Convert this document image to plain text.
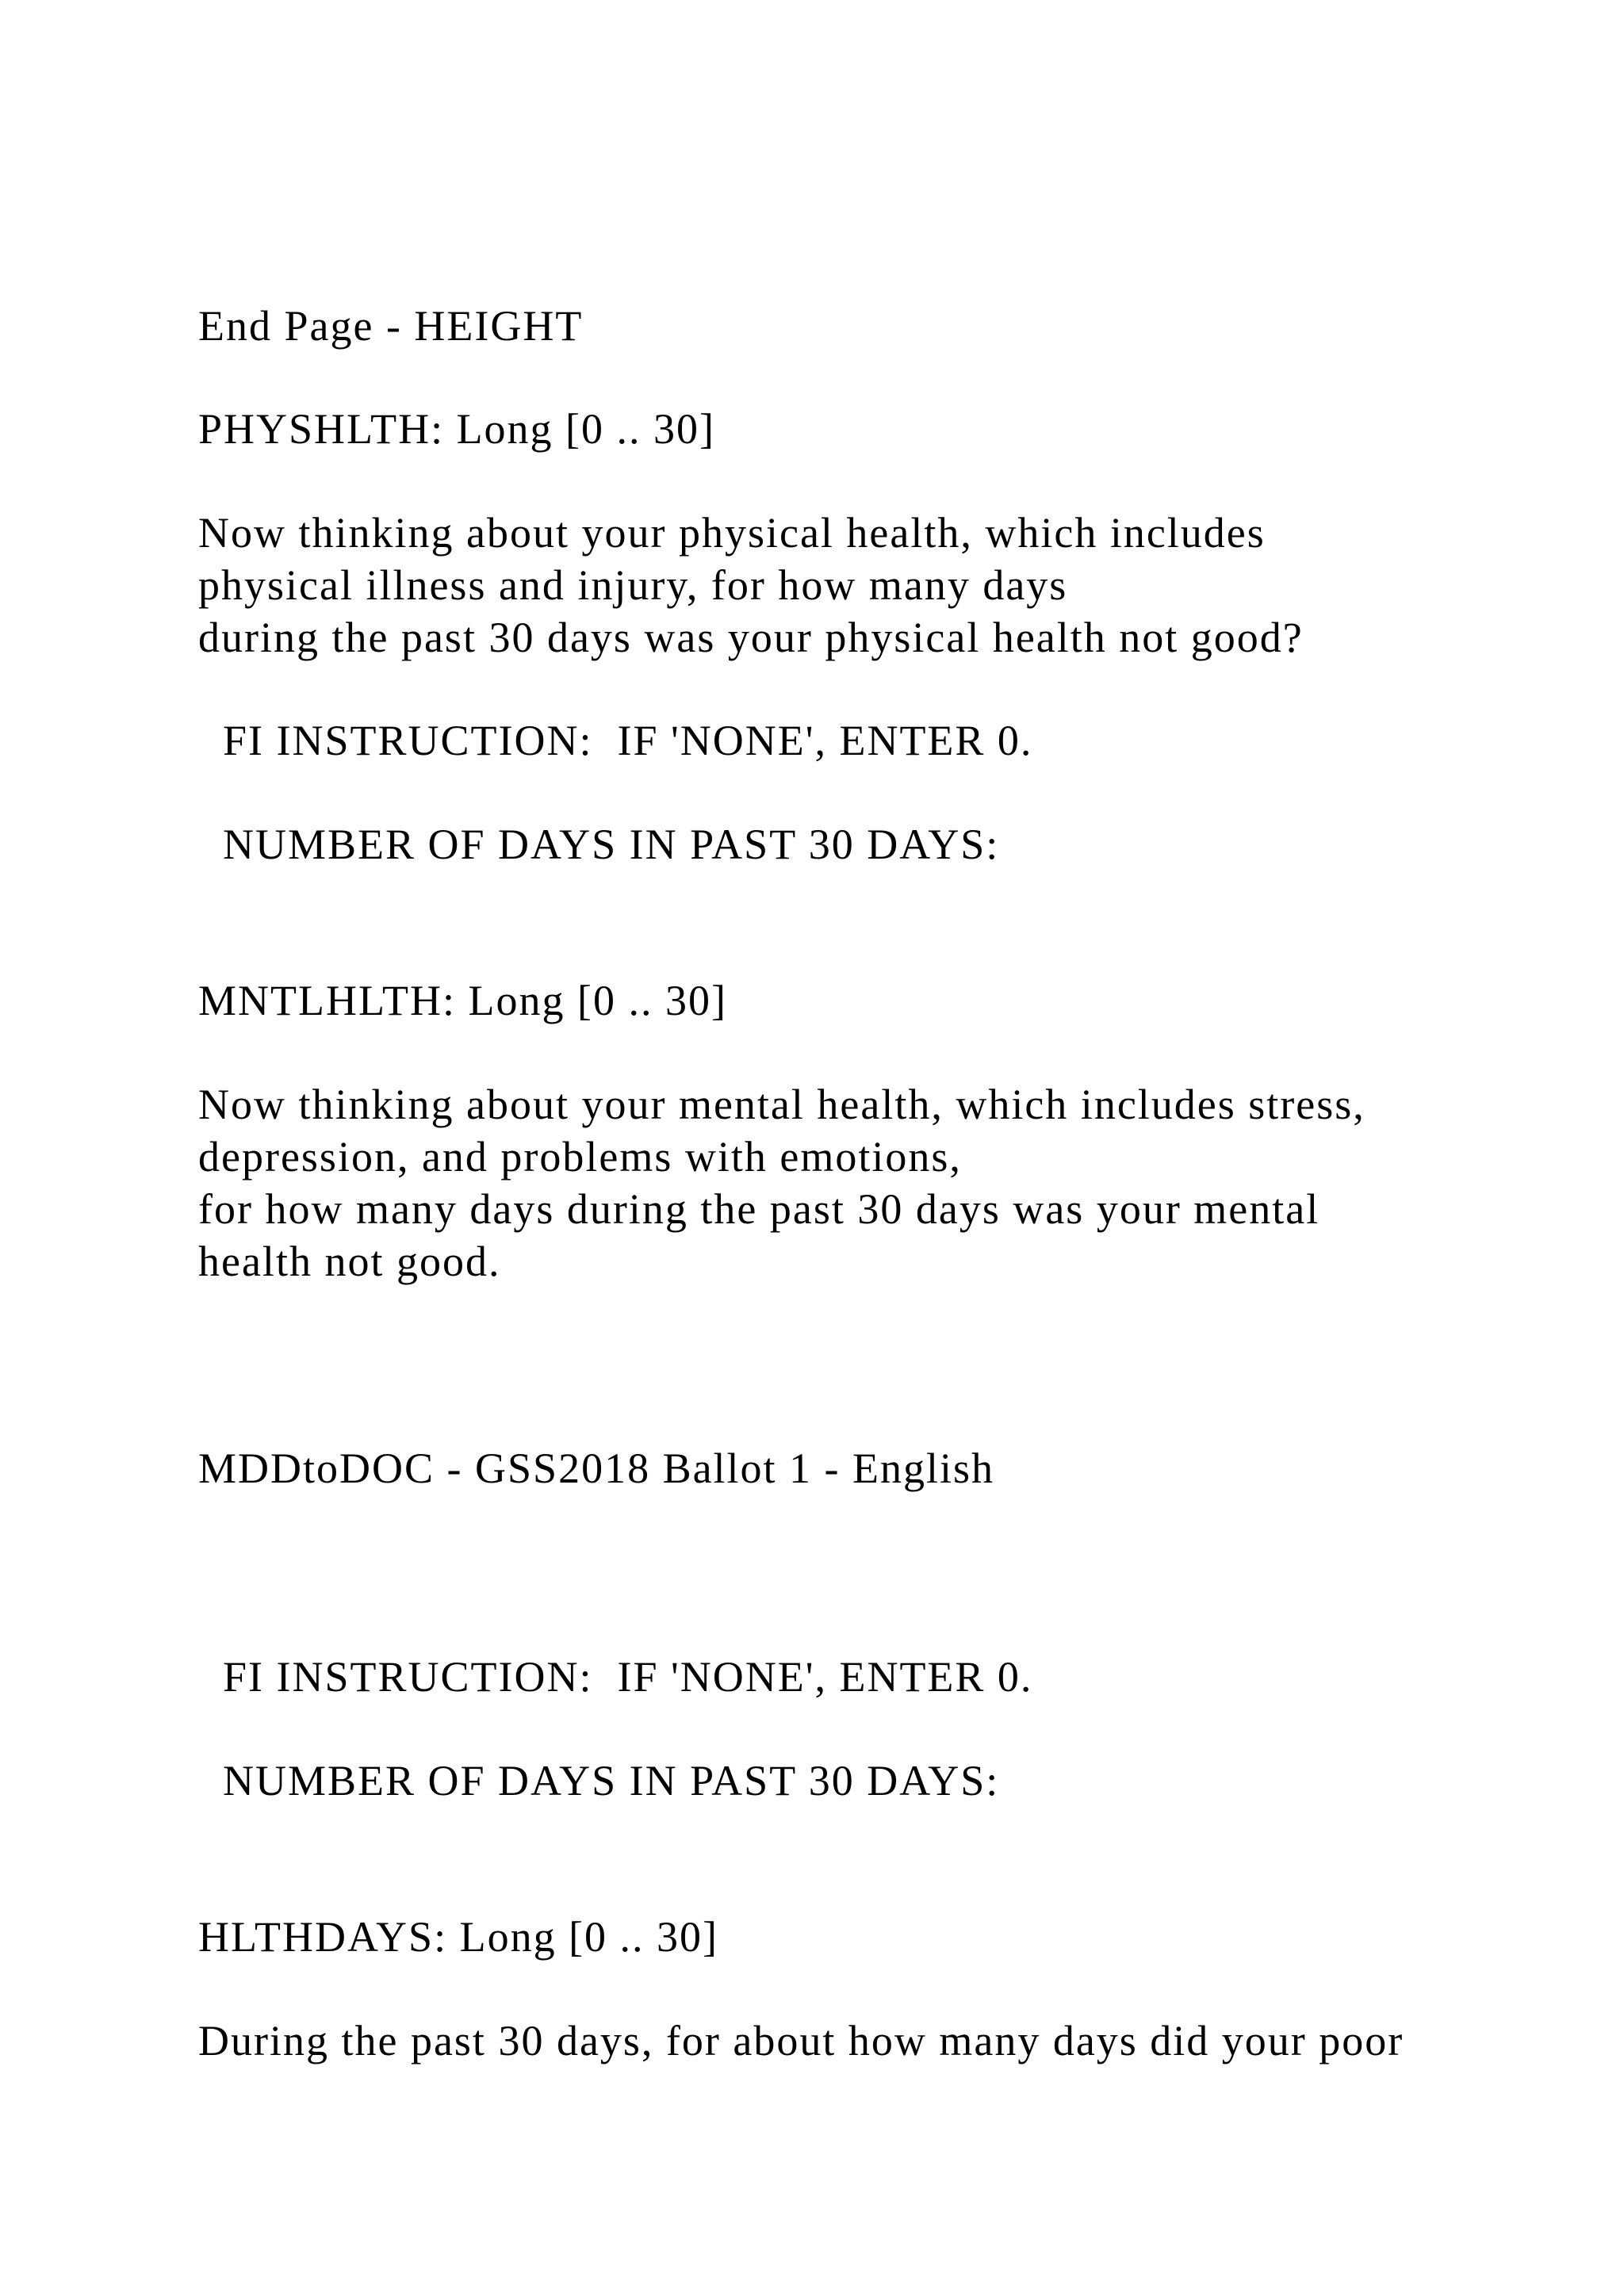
End Page - HEIGHT
PHYSHLTH: Long [0 .. 30]
Now thinking about your physical health, which includes
physical illness and injury, for how many days
during the past 30 days was your physical health not good?
FI INSTRUCTION:  IF 'NONE', ENTER 0.
NUMBER OF DAYS IN PAST 30 DAYS:
MNTLHLTH: Long [0 .. 30]
Now thinking about your mental health, which includes stress,
depression, and problems with emotions,
for how many days during the past 30 days was your mental
health not good.
MDDtoDOC - GSS2018 Ballot 1 - English
FI INSTRUCTION:  IF 'NONE', ENTER 0.
NUMBER OF DAYS IN PAST 30 DAYS:
HLTHDAYS: Long [0 .. 30]
During the past 30 days, for about how many days did your poor
